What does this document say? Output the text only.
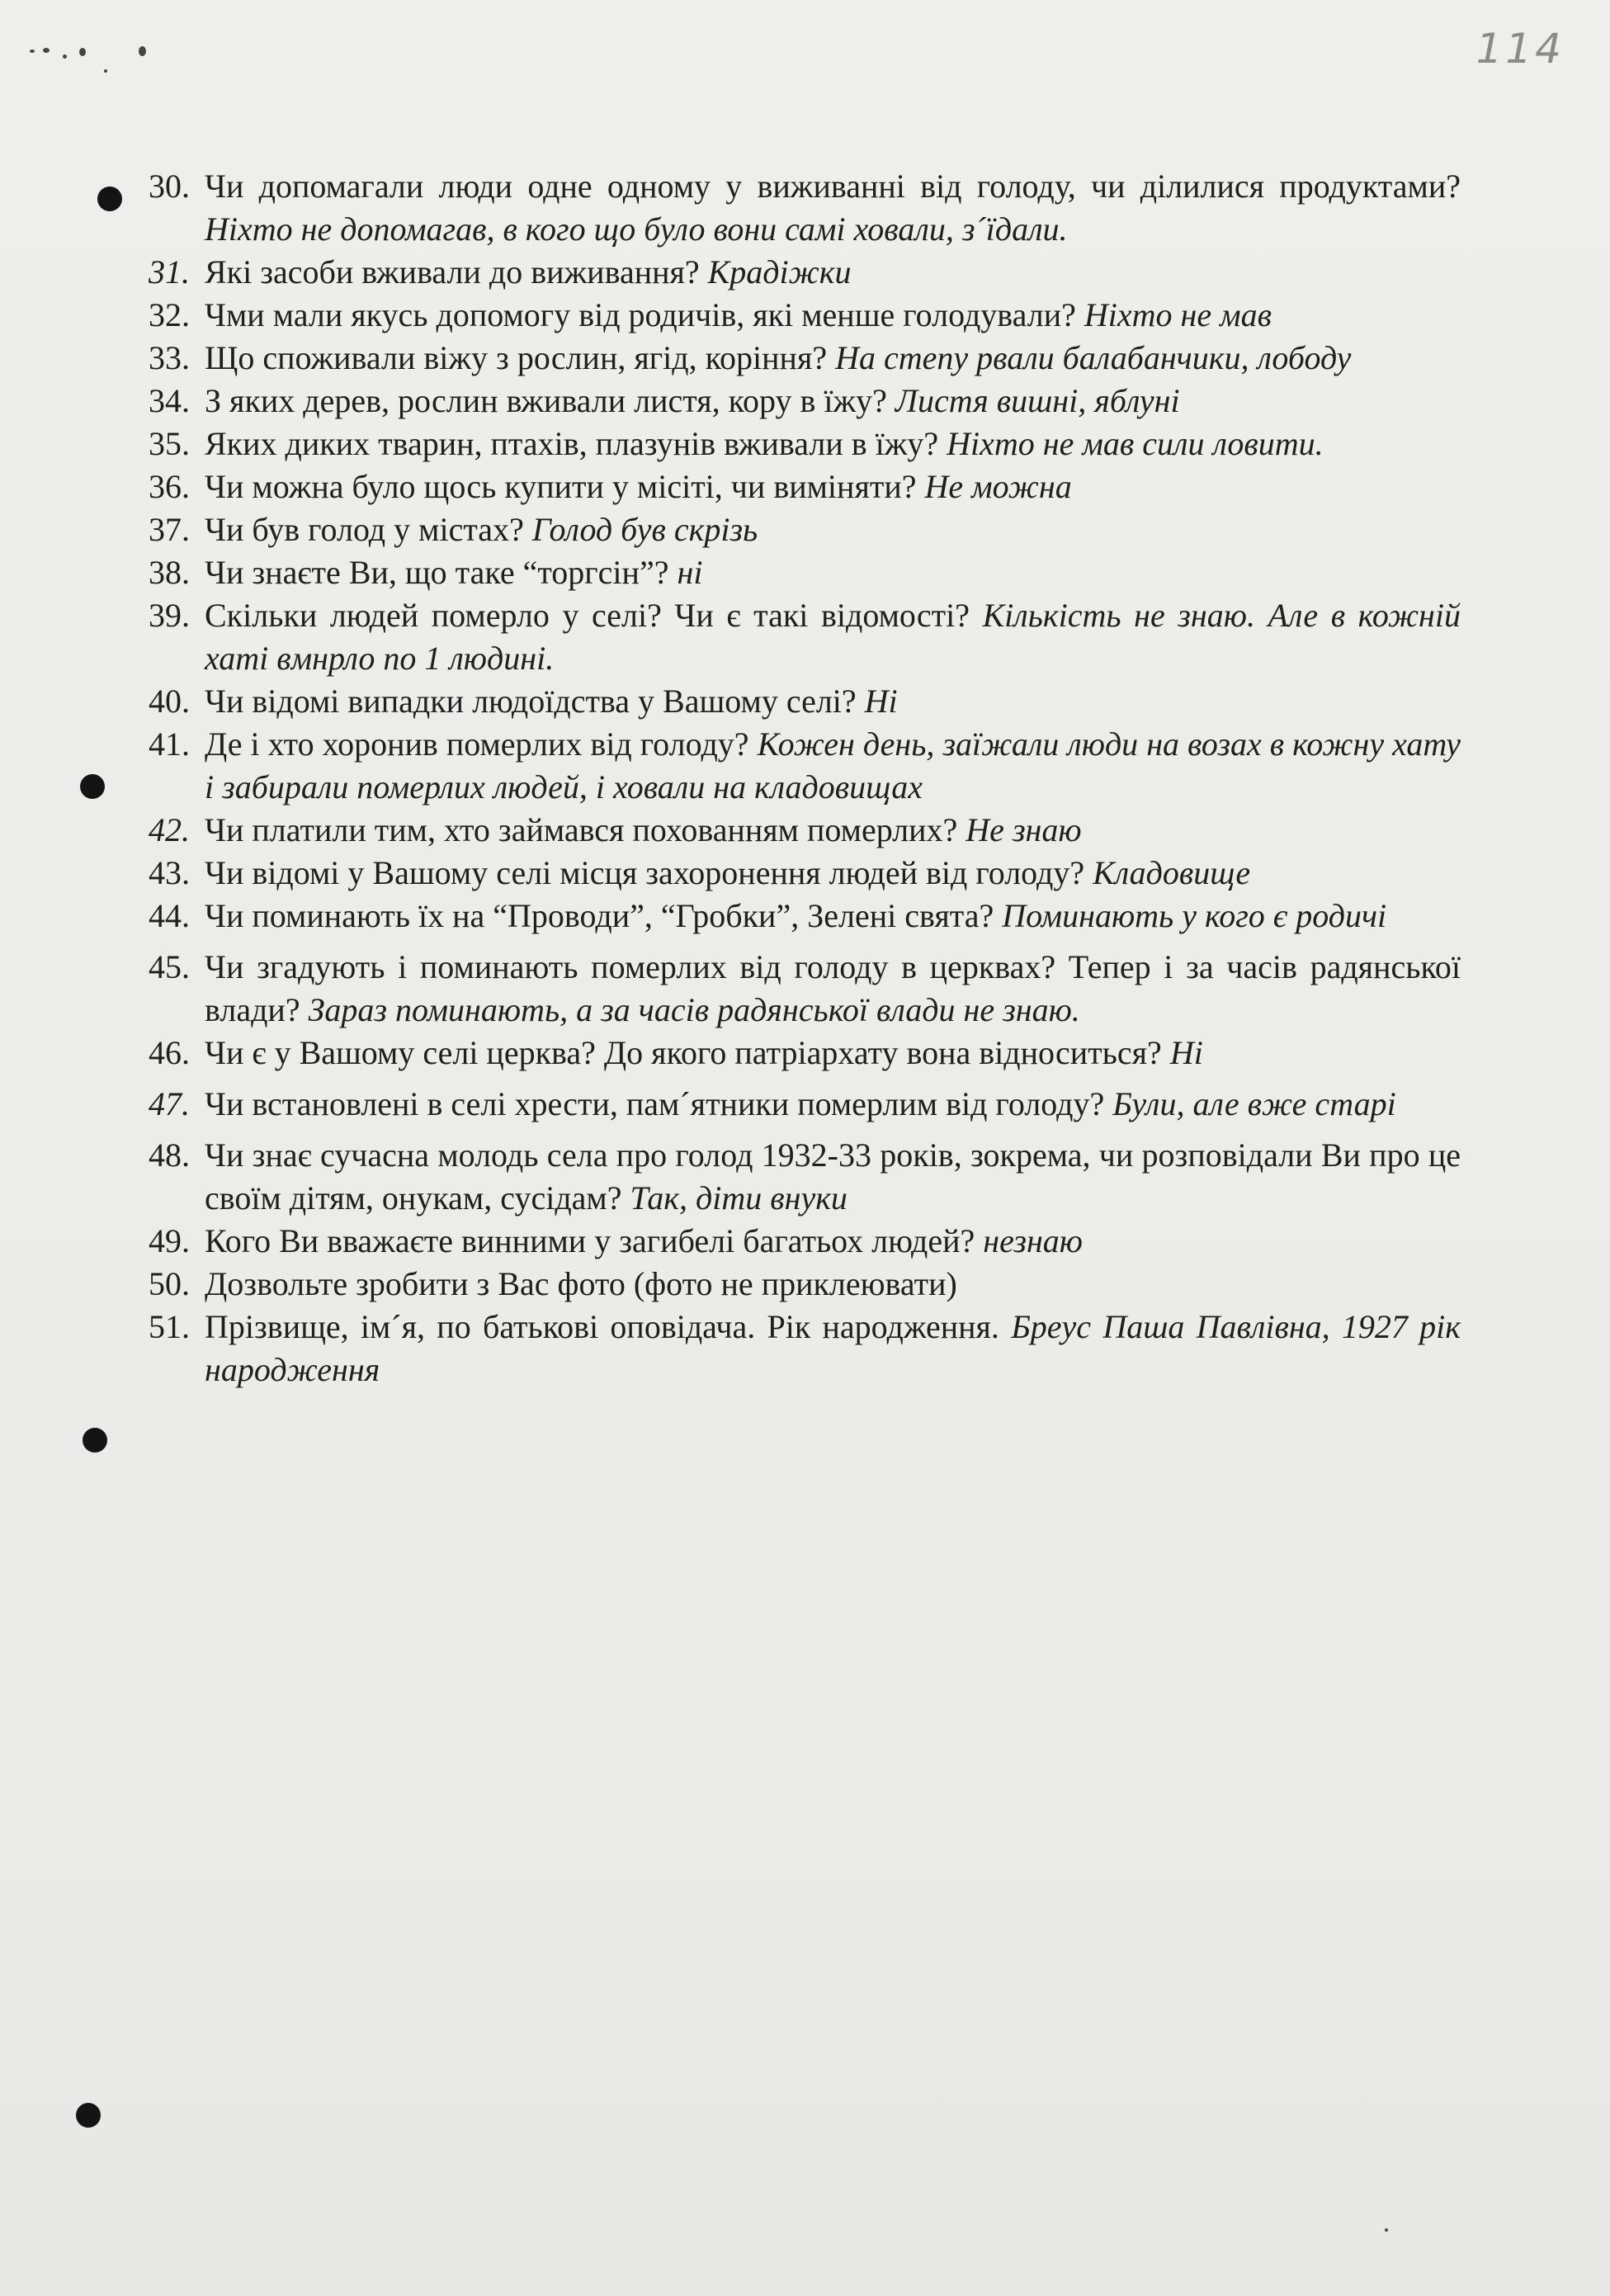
114
30. Чи допомагали люди одне одному у виживанні від голоду, чи ділилися продуктами? Ніхто не допомагав, в кого що було вони самі ховали, з´їдали.
31. Які засоби вживали до виживання? Крадіжки
32. Чми мали якусь допомогу від родичів, які менше голодували? Ніхто не мав
33. Що споживали віжу з рослин, ягід, коріння? На степу рвали балабанчики, лободу
34. З яких дерев, рослин вживали листя, кору в їжу? Листя вишні, яблуні
35. Яких диких тварин, птахів, плазунів вживали в їжу? Ніхто не мав сили ловити.
36. Чи можна було щось купити у місіті, чи виміняти? Не можна
37. Чи був голод у містах? Голод був скрізь
38. Чи знаєте Ви, що таке “торгсін”? ні
39. Скільки людей померло у селі? Чи є такі відомості? Кількість не знаю. Але в кожній хаті вмнрло по 1 людині.
40. Чи відомі випадки людоїдства у Вашому селі? Ні
41. Де і хто хоронив померлих від голоду? Кожен день, заїжали люди на возах в кожну хату і забирали померлих людей, і ховали на кладовищах
42. Чи платили тим, хто займався похованням померлих? Не знаю
43. Чи відомі у Вашому селі місця захоронення людей від голоду? Кладовище
44. Чи поминають їх на “Проводи”, “Гробки”, Зелені свята? Поминають у кого є родичі
45. Чи згадують і поминають померлих від голоду в церквах? Тепер і за часів радянської влади? Зараз поминають, а за часів радянської влади не знаю.
46. Чи є у Вашому селі церква? До якого патріархату вона відноситься? Ні
47. Чи встановлені в селі хрести, пам´ятники померлим від голоду? Були, але вже старі
48. Чи знає сучасна молодь села про голод 1932-33 років, зокрема, чи розповідали Ви про це своїм дітям, онукам, сусідам? Так, діти внуки
49. Кого Ви вважаєте винними у загибелі багатьох людей? незнаю
50. Дозвольте зробити з Вас фото (фото не приклеювати)
51. Прізвище, ім´я, по батькові оповідача. Рік народження. Бреус Паша Павлівна, 1927 рік народження
